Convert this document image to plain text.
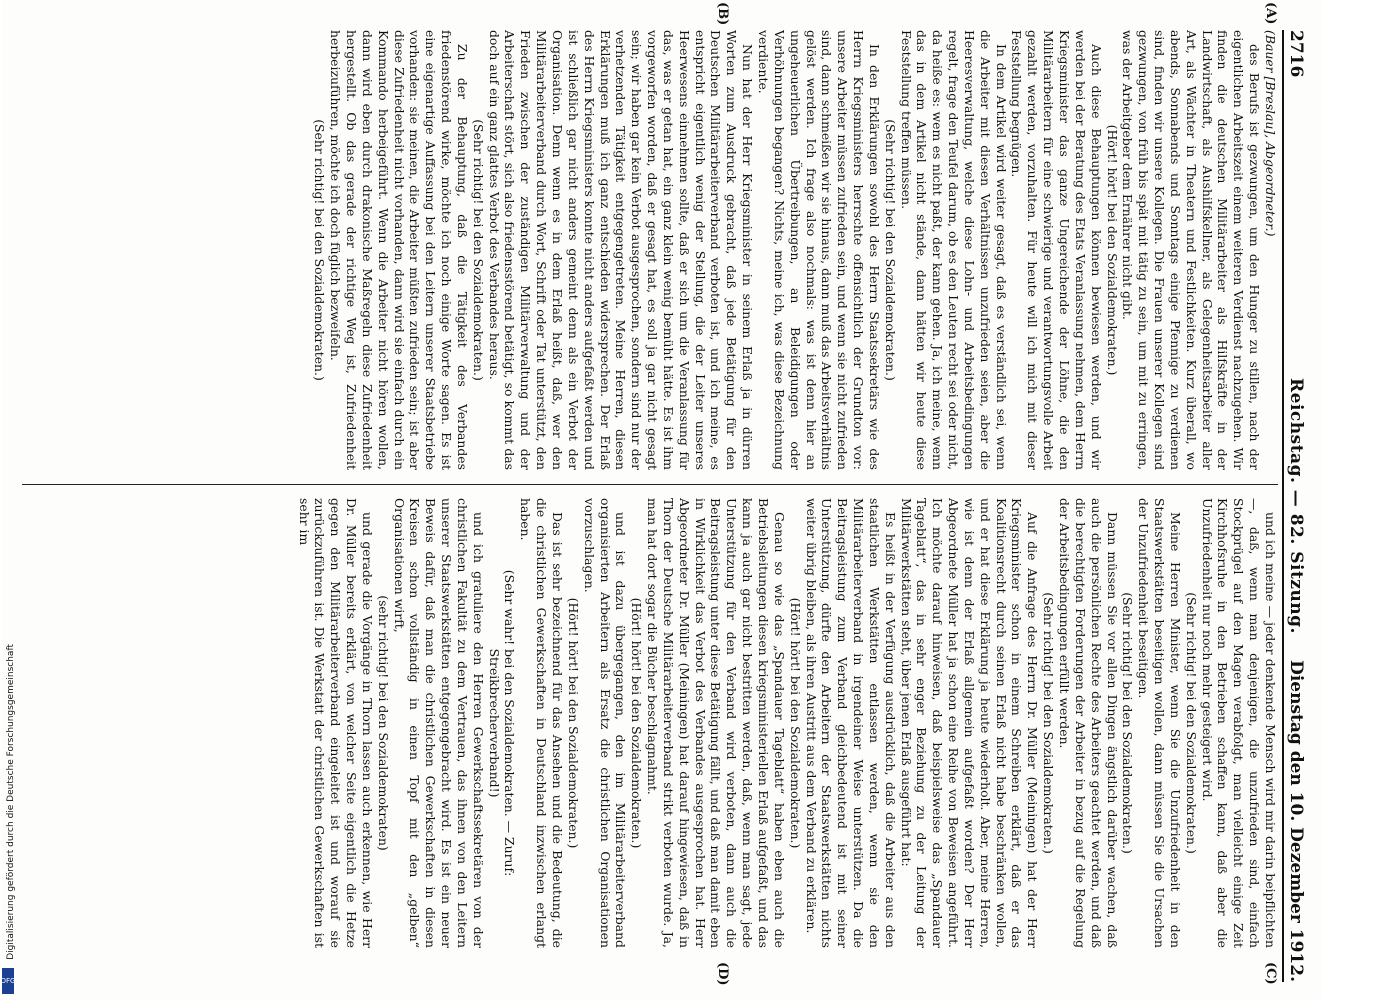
2716
Reichstag. — 82. Sitzung.
Dienstag den 10. Dezember 1912.
(A)
(B)
(C)
(D)

(Bauer [Breslau], Abgeordneter.)

des Berufs ist gezwungen, um den Hunger zu stillen, nach der eigentlichen Arbeitszeit einem weiteren Verdienst nachzugehen. Wir finden die deutschen Militärarbeiter als Hilfskräfte in der Landwirtschaft, als Aushilfskellner, als Gelegenheitsarbeiter aller Art, als Wächter in Theatern und Festlichkeiten. Kurz überall, wo abends, Sonnabends und Sonntags einige Pfennige zu verdienen sind, finden wir unsere Kollegen. Die Frauen unserer Kollegen sind gezwungen, von früh bis spät mit tätig zu sein, um mit zu erringen, was der Arbeitgeber dem Ernährer nicht gibt.

(Hört! hört! bei den Sozialdemokraten.)

Auch diese Behauptungen können bewiesen werden, und wir werden bei der Beratung des Etats Veranlassung nehmen, dem Herrn Kriegsminister das ganze Ungereichende der Löhne, die den Militärarbeitern für eine schwierige und verantwortungsvolle Arbeit gezahlt werden, vorzuhalten. Für heute will ich mich mit dieser Feststellung begnügen.

In dem Artikel wird weiter gesagt, daß es verständlich sei, wenn die Arbeiter mit diesen Verhältnissen unzufrieden seien, aber die Heeresverwaltung, welche diese Lohn- und Arbeitsbedingungen regelt, frage den Teufel darum, ob es den Leuten recht sei oder nicht, da heiße es: wem es nicht paßt, der kann gehen. Ja, ich meine, wenn das in dem Artikel nicht stände, dann hätten wir heute diese Feststellung treffen müssen.

(Sehr richtig! bei den Sozialdemokraten.)

In den Erklärungen sowohl des Herrn Staatssekretärs wie des Herrn Kriegsministers herrschte offensichtlich der Grundton vor: unsere Arbeiter müssen zufrieden sein, und wenn sie nicht zufrieden sind, dann schmeißen wir sie hinaus, dann muß das Arbeitsverhältnis gelöst werden. Ich frage also nochmals: was ist denn hier an ungeheuerlichen Übertreibungen, an Beleidigungen oder Verhöhnungen begangen? Nichts, meine ich, was diese Bezeichnung verdiente.

Nun hat der Herr Kriegsminister in seinem Erlaß ja in dürren Worten zum Ausdruck gebracht, daß jede Betätigung für den Deutschen Militärarbeiterverband verboten ist, und ich meine, es entspricht eigentlich wenig der Stellung, die der Leiter unseres Heerwesens einnehmen sollte, daß er sich um die Veranlassung für das, was er getan hat, ein ganz klein wenig bemüht hätte. Es ist ihm vorgeworfen worden, daß er gesagt hat, es soll ja gar nicht gesagt sein; wir haben gar kein Verbot ausgesprochen, sondern sind nur der verhetzenden Tätigkeit entgegengetreten. Meine Herren, diesen Erklärungen muß ich ganz entschieden widersprechen. Der Erlaß des Herrn Kriegsministers konnte nicht anders aufgefaßt werden und ist schließlich gar nicht anders gemeint denn als ein Verbot der Organisation. Denn wenn es in dem Erlaß heißt, daß, wer den Militärarbeiterverband durch Wort, Schrift oder Tat unterstützt, den Frieden zwischen der zuständigen Militärverwaltung und der Arbeiterschaft stört, sich also friedensstörend betätigt, so kommt das doch auf ein ganz glattes Verbot des Verbandes heraus.

(Sehr richtig! bei den Sozialdemokraten.)

Zu der Behauptung, daß die Tätigkeit des Verbandes friedenstörend wirke, möchte ich noch einige Worte sagen. Es ist eine eigenartige Auffassung bei den Leitern unserer Staatsbetriebe vorhanden: sie meinen, die Arbeiter müßten zufrieden sein; ist aber diese Zufriedenheit nicht vorhanden, dann wird sie einfach durch ein Kommando herbeigeführt. Wenn die Arbeiter nicht hören wollen, dann wird eben durch drakonische Maßregeln diese Zufriedenheit hergestellt. Ob das gerade der richtige Weg ist, Zufriedenheit herbeizuführen, möchte ich doch füglich bezweifeln.

(Sehr richtig! bei den Sozialdemokraten.)

und ich meine — jeder denkende Mensch wird mir darin beipflichten —, daß, wenn man denjenigen, die unzufrieden sind, einfach Stockprügel auf den Magen verabfolgt, man vielleicht einige Zeit Kirchhofsruhe in den Betrieben schaffen kann, daß aber die Unzufriedenheit nur noch mehr gesteigert wird.

(Sehr richtig! bei den Sozialdemokraten.)

Meine Herren Minister, wenn Sie die Unzufriedenheit in den Staatswerkstätten beseitigen wollen, dann müssen Sie die Ursachen der Unzufriedenheit beseitigen.

(Sehr richtig! bei den Sozialdemokraten.)

Dann müssen Sie vor allen Dingen ängstlich darüber wachen, daß auch die persönlichen Rechte des Arbeiters geachtet werden, und daß die berechtigten Forderungen der Arbeiter in bezug auf die Regelung der Arbeitsbedingungen erfüllt werden.

(Sehr richtig! bei den Sozialdemokraten.)

Auf die Anfrage des Herrn Dr. Müller (Meiningen) hat der Herr Kriegsminister schon in einem Schreiben erklärt, daß er das Koalitionsrecht durch seinen Erlaß nicht habe beschränken wollen, und er hat diese Erklärung ja heute wiederholt. Aber, meine Herren, wie ist denn der Erlaß allgemein aufgefaßt worden? Der Herr Abgeordnete Müller hat ja schon eine Reihe von Beweisen angeführt. Ich möchte darauf hinweisen, daß beispielsweise das „Spandauer Tageblatt“, das in sehr enger Beziehung zu der Leitung der Militärwerkstätten steht, über jenen Erlaß ausgeführt hat:

Es heißt in der Verfügung ausdrücklich, daß die Arbeiter aus den staatlichen Werkstätten entlassen werden, wenn sie den Militärarbeiterverband in irgendeiner Weise unterstützen. Da die Beitragsleistung zum Verband gleichbedeutend ist mit seiner Unterstützung, dürfte den Arbeitern der Staatswerkstätten nichts weiter übrig bleiben, als ihren Austritt aus dem Verband zu erklären.

(Hört! hört! bei den Sozialdemokraten.)

Genau so wie das „Spandauer Tageblatt“ haben eben auch die Betriebsleitungen diesen kriegsministeriellen Erlaß aufgefaßt, und das kann ja auch gar nicht bestritten werden, daß, wenn man sagt, jede Unterstützung für den Verband wird verboten, dann auch die Beitragsleistung unter diese Betätigung fällt, und daß man damit eben in Wirklichkeit das Verbot des Verbandes ausgesprochen hat. Herr Abgeordneter Dr. Müller (Meiningen) hat darauf hingewiesen, daß in Thorn der Deutsche Militärarbeiterverband strikt verboten wurde. Ja, man hat dort sogar die Bücher beschlagnahmt.

(Hört! hört! bei den Sozialdemokraten.)

und ist dazu übergegangen, den im Militärarbeiterverband organisierten Arbeitern als Ersatz die christlichen Organisationen vorzuschlagen.

(Hört! hört! bei den Sozialdemokraten.)

Das ist sehr bezeichnend für das Ansehen und die Bedeutung, die die christlichen Gewerkschaften in Deutschland inzwischen erlangt haben.

(Sehr wahr! bei den Sozialdemokraten. — Zuruf: Streikbrecherverband!)

und ich gratuliere den Herren Gewerkschaftssekretären von der christlichen Fakultät zu dem Vertrauen, das ihnen von den Leitern unserer Staatswerkstätten entgegengebracht wird. Es ist ein neuer Beweis dafür, daß man die christlichen Gewerkschaften in diesen Kreisen schon vollständig in einen Topf mit den „gelben“ Organisationen wirft,

(sehr richtig! bei den Sozialdemokraten)

und gerade die Vorgänge in Thorn lassen auch erkennen, wie Herr Dr. Müller bereits erklärt, von welcher Seite eigentlich die Hetze gegen den Militärarbeiterverband eingeleitet ist und worauf sie zurückzuführen ist. Die Werkstatt der christlichen Gewerkschaften ist sehr im

DFG
Digitalisierung gefördert durch die Deutsche Forschungsgemeinschaft
